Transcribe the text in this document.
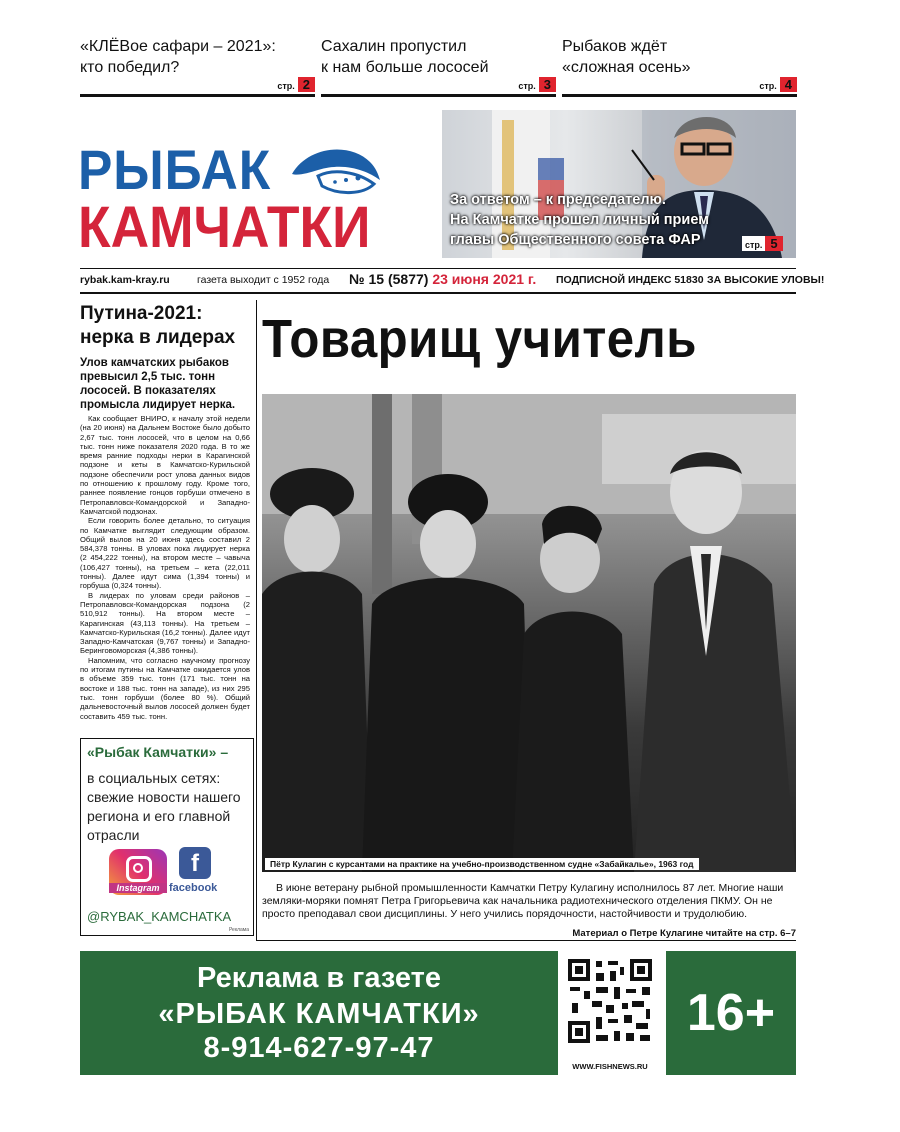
«КЛЁВое сафари – 2021»:
кто победил?
стр. 2
Сахалин пропустил
к нам больше лососей
стр. 3
Рыбаков ждёт
«сложная осень»
стр. 4
РЫБАК
КАМЧАТКИ	За ответом – к председателю.
На Камчатке прошел личный прием
главы Общественного совета ФАР	стр. 5
rybak.kam-kray.ru	газета выходит с 1952 года № 15 (5877) 23 июня 2021 г. ПОДПИСНОЙ ИНДЕКС 51830 ЗА ВЫСОКИЕ УЛОВЫ!
Путина-2021:
нерка в лидерах
Улов камчатских рыбаков превысил 2,5 тыс. тонн лососей. В показателях промысла лидирует нерка.

Как сообщает ВНИРО, к началу этой недели (на 20 июня) на Дальнем Востоке было добыто 2,67 тыс. тонн лососей, что в целом на 0,66 тыс. тонн ниже показателя 2020 года. В то же время ранние подходы нерки в Карагинской подзоне и кеты в Камчатско-Курильской подзоне обеспечили рост улова данных видов по отношению к прошлому году. Кроме того, раннее появление гонцов горбуши отмечено в Петропавловск-Командорской и Западно-Камчатской подзонах.

Если говорить более детально, то ситуация по Камчатке выглядит следующим образом. Общий вылов на 20 июня здесь составил 2 584,378 тонны. В уловах пока лидирует нерка (2 454,222 тонны), на втором месте – чавыча (106,427 тонны), на третьем – кета (22,011 тонны). Далее идут сима (1,394 тонны) и горбуша (0,324 тонны).

В лидерах по уловам среди районов – Петропавловск-Командорская подзона (2 510,912 тонны). На втором месте – Карагинская (43,113 тонны). На третьем – Камчатско-Курильская (16,2 тонны). Далее идут Западно-Камчатская (9,767 тонны) и Западно-Беринговоморская (4,386 тонны).

Напомним, что согласно научному прогнозу по итогам путины на Камчатке ожидается улов в объеме 359 тыс. тонн (171 тыс. тонн на востоке и 188 тыс. тонн на западе), из них 295 тыс. тонн горбуши (более 80 %). Общий дальневосточный вылов лососей должен будет составить 459 тыс. тонн.

«Рыбак Камчатки» –
в социальных сетях: свежие новости нашего региона и его главной отрасли
Instagram
f
facebook
@RYBAK_KAMCHATKA
Реклама
Товарищ учитель
Пётр Кулагин с курсантами на практике на учебно-производственном судне «Забайкалье», 1963 год
В июне ветерану рыбной промышленности Камчатки Петру Кулагину исполнилось 87 лет. Многие наши земляки-моряки помнят Петра Григорьевича как начальника радиотехнического отделения ПКМУ. Он не просто преподавал свои дисциплины. У него учились порядочности, настойчивости и трудолюбию.
Материал о Петре Кулагине читайте на стр. 6–7
Реклама в газете
«РЫБАК КАМЧАТКИ»
8-914-627-97-47
WWW.FISHNEWS.RU
16+
